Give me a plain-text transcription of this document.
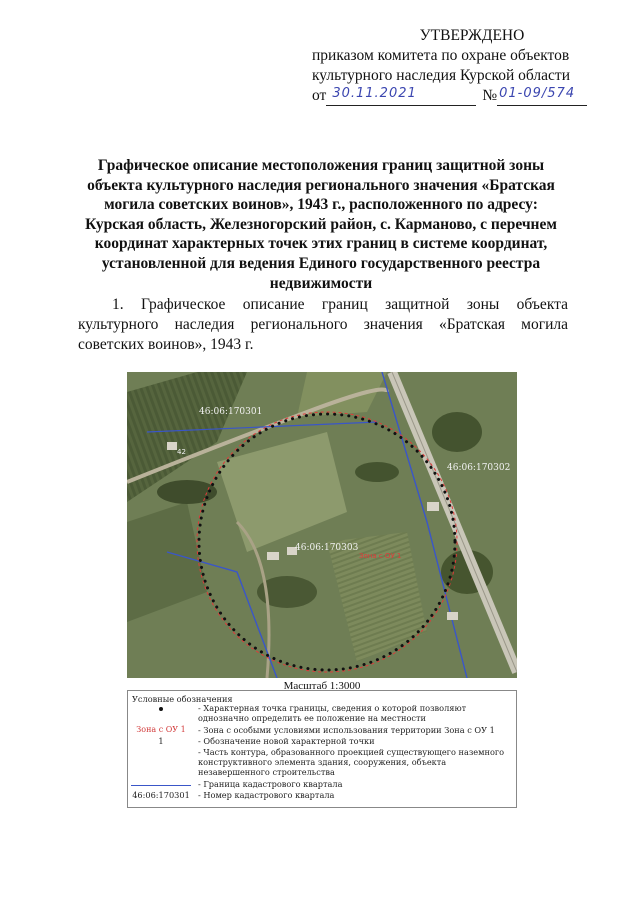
УТВЕРЖДЕНО
приказом комитета по охране объектов
культурного наследия Курской области
от 30.11.2021	№ 01-09/574
Графическое описание местоположения границ защитной зоны объекта культурного наследия регионального значения «Братская могила советских воинов», 1943 г., расположенного по адресу: Курская область, Железногорский район, с. Карманово, с перечнем координат характерных точек этих границ в системе координат, установленной для ведения Единого государственного реестра недвижимости
1. Графическое описание границ защитной зоны объекта
культурного наследия регионального значения «Братская могила советских воинов», 1943 г.
46:06:170301
46:06:170302
46:06:170303
Зона с ОУ 1
42
Масштаб 1:3000
Условные обозначения
- Характерная точка границы, сведения о которой позволяют однозначно определить ее положение на местности
Зона с ОУ 1	- Зона с особыми условиями использования территории Зона с ОУ 1
1	- Обозначение новой характерной точки
- Часть контура, образованного проекцией существующего наземного конструктивного элемента здания, сооружения, объекта незавершенного строительства
- Граница кадастрового квартала
46:06:170301	- Номер кадастрового квартала
